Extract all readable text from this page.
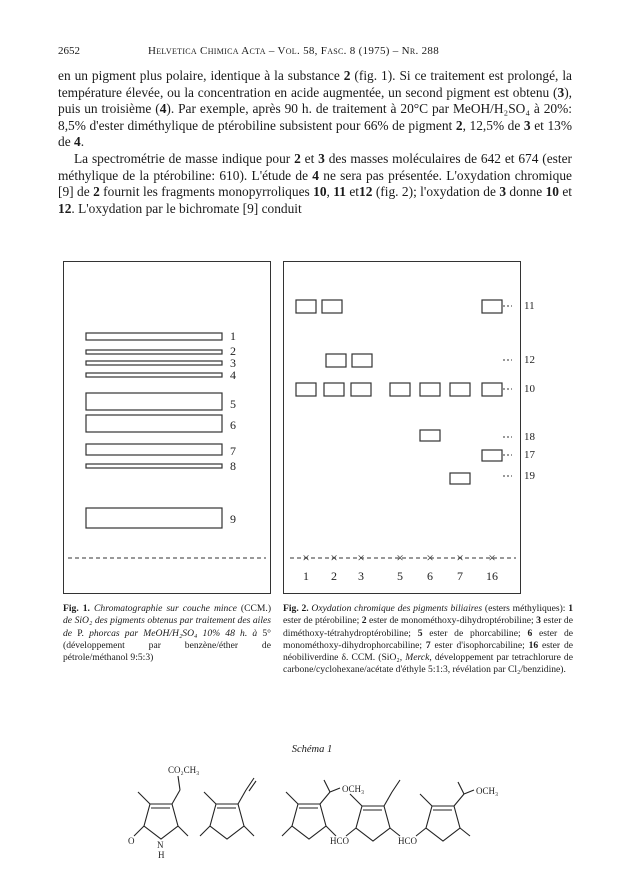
2652	Helvetica Chimica Acta – Vol. 58, Fasc. 8 (1975) – Nr. 288

en un pigment plus polaire, identique à la substance 2 (fig. 1). Si ce traitement est prolongé, la température élevée, ou la concentration en acide augmentée, un second pigment est obtenu (3), puis un troisième (4). Par exemple, après 90 h. de traitement à 20°C par MeOH/H₂SO₄ à 20%: 8,5% d'ester diméthylique de ptérobiline subsistent pour 66% de pigment 2, 12,5% de 3 et 13% de 4.

La spectrométrie de masse indique pour 2 et 3 des masses moléculaires de 642 et 674 (ester méthylique de la ptérobiline: 610). L'étude de 4 ne sera pas présentée. L'oxydation chromique [9] de 2 fournit les fragments monopyrroliques 10, 11 et12 (fig. 2); l'oxydation de 3 donne 10 et 12. L'oxydation par le bichromate [9] conduit

1
2
3
4
5
6
7
8
9
Fig. 1. Chromatographie sur couche mince (CCM.) de SiO₂ des pigments obtenus par traitement des ailes de P. phorcas par MeOH/H₂SO₄ 10% 48 h. à 5° (développement par benzène/éther de pétrole/méthanol 9:5:3)
× × × × × × ×
1 2 3	5 6 7 16
11
12
10
18
17
19
Fig. 2. Oxydation chromique des pigments biliaires (esters méthyliques): 1 ester de ptérobiline; 2 ester de monométhoxy-dihydroptérobiline; 3 ester de diméthoxy-tétrahydroptérobiline; 5 ester de phorcabiline; 6 ester de monométhoxy-dihydrophorcabiline; 7 ester d'isophorcabiline; 16 ester de néobiliverdine δ. CCM. (SiO₂, Merck, développement par tetrachlorure de carbone/cyclohexane/acétate d'éthyle 5:1:3, révélation par Cl₂/benzidine).
Schéma 1
CO₂CH₃
OCH₃	OCH₃
O	N
H
HCO	HCO
